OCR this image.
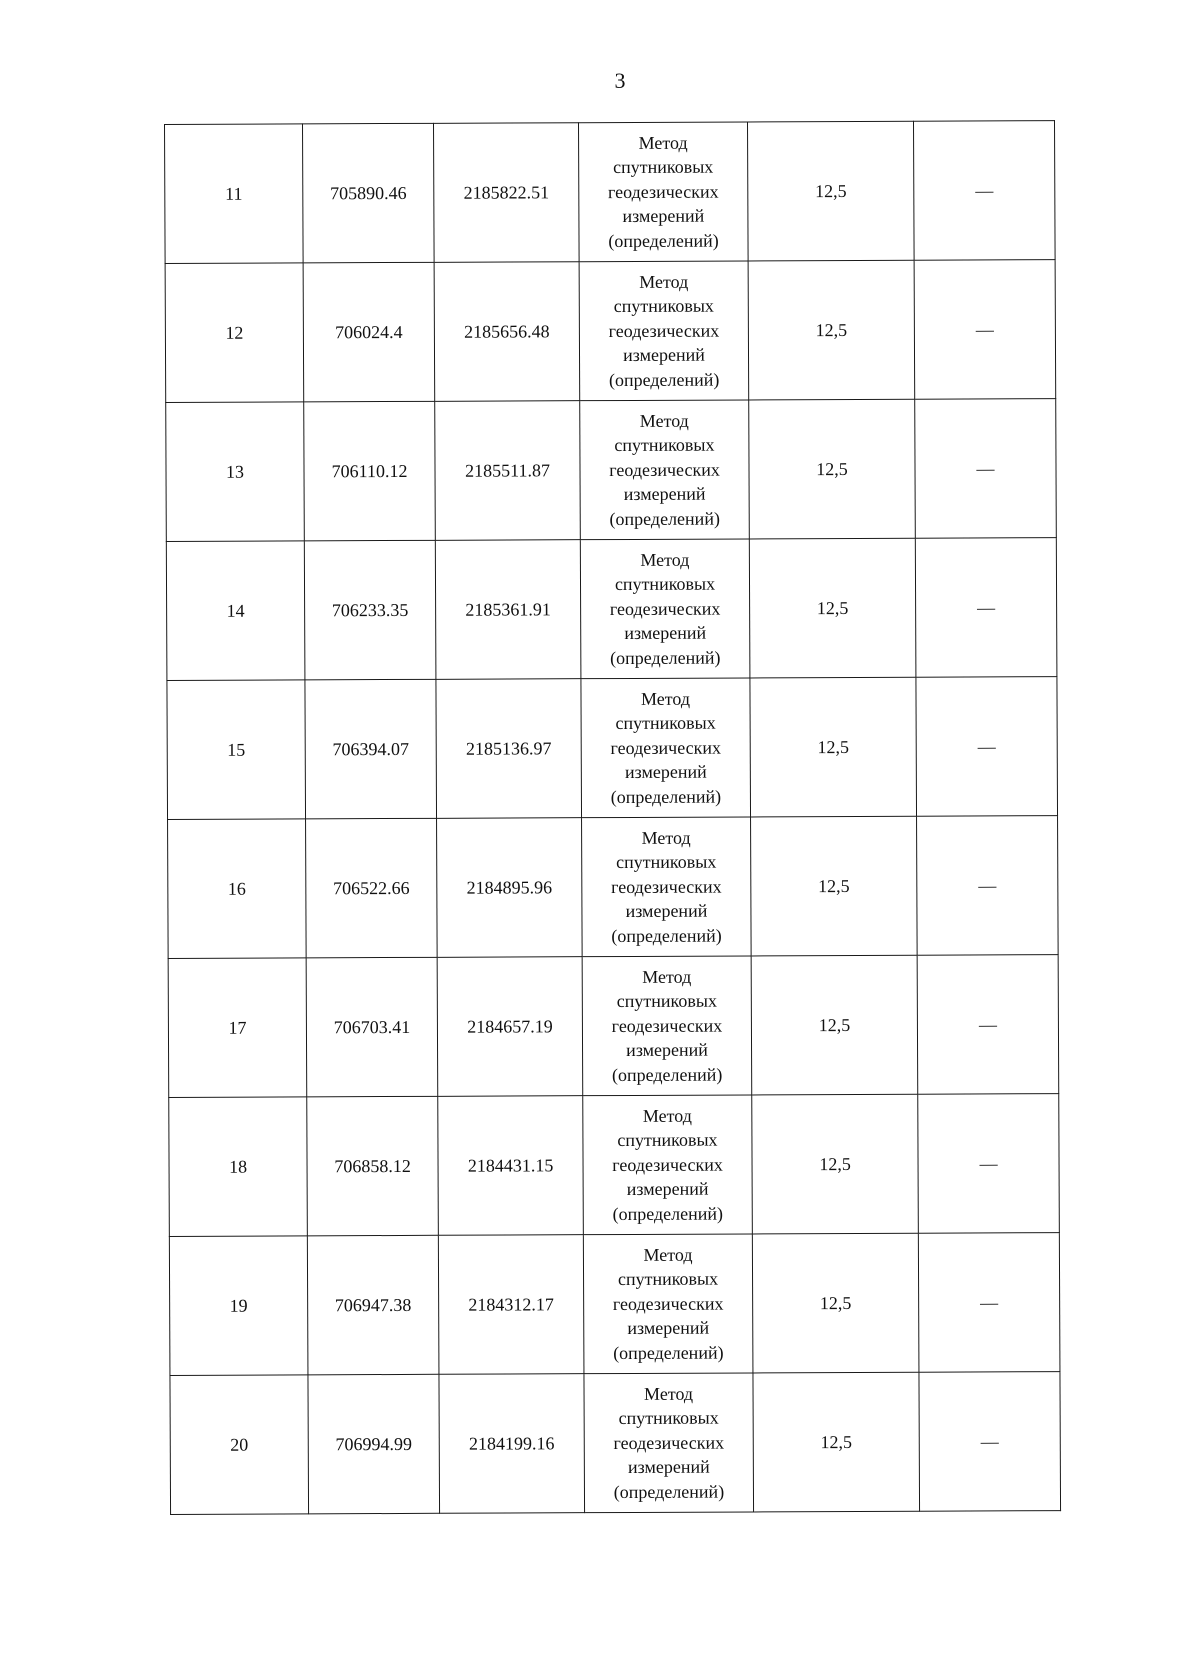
3
11	705890.46	2185822.51	Метод
спутниковых
геодезических
измерений
(определений)	12,5	—
12	706024.4	2185656.48	Метод
спутниковых
геодезических
измерений
(определений)	12,5	—
13	706110.12	2185511.87	Метод
спутниковых
геодезических
измерений
(определений)	12,5	—
14	706233.35	2185361.91	Метод
спутниковых
геодезических
измерений
(определений)	12,5	—
15	706394.07	2185136.97	Метод
спутниковых
геодезических
измерений
(определений)	12,5	—
16	706522.66	2184895.96	Метод
спутниковых
геодезических
измерений
(определений)	12,5	—
17	706703.41	2184657.19	Метод
спутниковых
геодезических
измерений
(определений)	12,5	—
18	706858.12	2184431.15	Метод
спутниковых
геодезических
измерений
(определений)	12,5	—
19	706947.38	2184312.17	Метод
спутниковых
геодезических
измерений
(определений)	12,5	—
20	706994.99	2184199.16	Метод
спутниковых
геодезических
измерений
(определений)	12,5	—
